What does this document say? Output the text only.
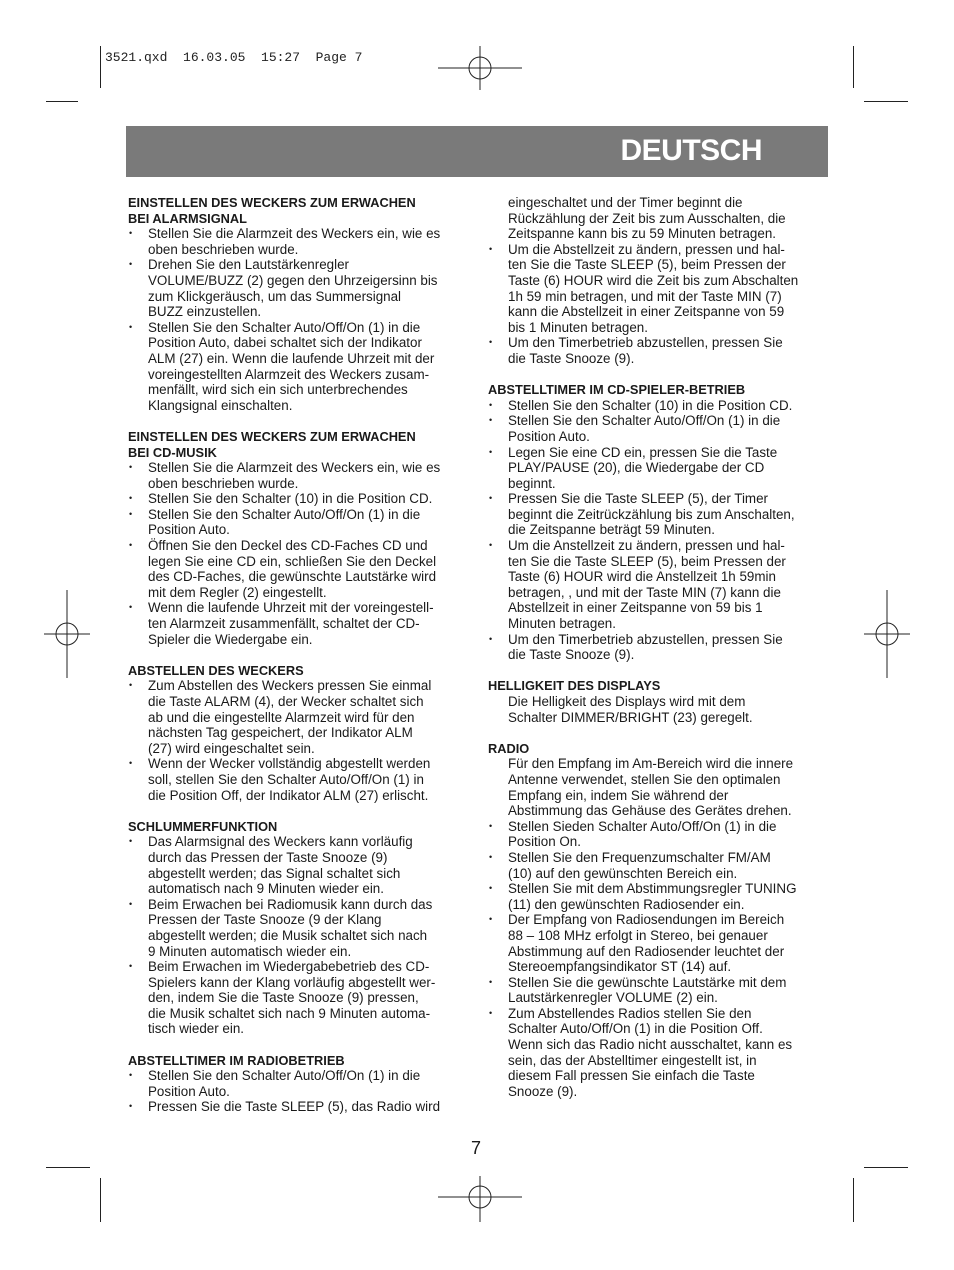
3521.qxd  16.03.05  15:27  Page 7
DEUTSCH
EINSTELLEN DES WECKERS ZUM ERWACHEN
BEI ALARMSIGNAL
• Stellen Sie die Alarmzeit des Weckers ein, wie es
oben beschrieben wurde.
• Drehen Sie den Lautstärkenregler
VOLUME/BUZZ (2) gegen den Uhrzeigersinn bis
zum Klickgeräusch, um das Summersignal
BUZZ einzustellen.
• Stellen Sie den Schalter Auto/Off/On (1) in die
Position Auto, dabei schaltet sich der Indikator
ALM (27) ein. Wenn die laufende Uhrzeit mit der
voreingestellten Alarmzeit des Weckers zusam-
menfällt, wird sich ein sich unterbrechendes
Klangsignal einschalten.
EINSTELLEN DES WECKERS ZUM ERWACHEN
BEI CD-MUSIK
• Stellen Sie die Alarmzeit des Weckers ein, wie es
oben beschrieben wurde.
• Stellen Sie den Schalter (10) in die Position CD.
• Stellen Sie den Schalter Auto/Off/On (1) in die
Position Auto.
• Öffnen Sie den Deckel des CD-Faches CD und
legen Sie eine CD ein, schließen Sie den Deckel
des CD-Faches, die gewünschte Lautstärke wird
mit dem Regler (2) eingestellt.
• Wenn die laufende Uhrzeit mit der voreingestell-
ten Alarmzeit zusammenfällt, schaltet der CD-
Spieler die Wiedergabe ein.
ABSTELLEN DES WECKERS
• Zum Abstellen des Weckers pressen Sie einmal
die Taste ALARM (4), der Wecker schaltet sich
ab und die eingestellte Alarmzeit wird für den
nächsten Tag gespeichert, der Indikator ALM
(27) wird eingeschaltet sein.
• Wenn der Wecker vollständig abgestellt werden
soll, stellen Sie den Schalter Auto/Off/On (1) in
die Position Off, der Indikator ALM (27) erlischt.
SCHLUMMERFUNKTION
• Das Alarmsignal des Weckers kann vorläufig
durch das Pressen der Taste Snooze (9)
abgestellt werden; das Signal schaltet sich
automatisch nach 9 Minuten wieder ein.
• Beim Erwachen bei Radiomusik kann durch das
Pressen der Taste Snooze (9 der Klang
abgestellt werden; die Musik schaltet sich nach
9 Minuten automatisch wieder ein.
• Beim Erwachen im Wiedergabebetrieb des CD-
Spielers kann der Klang vorläufig abgestellt wer-
den, indem Sie die Taste Snooze (9) pressen,
die Musik schaltet sich nach 9 Minuten automa-
tisch wieder ein.
ABSTELLTIMER IM RADIOBETRIEB
• Stellen Sie den Schalter Auto/Off/On (1) in die
Position Auto.
• Pressen Sie die Taste SLEEP (5), das Radio wird
eingeschaltet und der Timer beginnt die
Rückzählung der Zeit bis zum Ausschalten, die
Zeitspanne kann bis zu 59 Minuten betragen.
• Um die Abstellzeit zu ändern, pressen und hal-
ten Sie die Taste SLEEP (5), beim Pressen der
Taste (6) HOUR wird die Zeit bis zum Abschalten
1h 59 min betragen, und mit der Taste MIN (7)
kann die Abstellzeit in einer Zeitspanne von 59
bis 1 Minuten betragen.
• Um den Timerbetrieb abzustellen, pressen Sie
die Taste Snooze (9).
ABSTELLTIMER IM CD-SPIELER-BETRIEB
• Stellen Sie den Schalter (10) in die Position CD.
• Stellen Sie den Schalter Auto/Off/On (1) in die
Position Auto.
• Legen Sie eine CD ein, pressen Sie die Taste
PLAY/PAUSE (20), die Wiedergabe der CD
beginnt.
• Pressen Sie die Taste SLEEP (5), der Timer
beginnt die Zeitrückzählung bis zum Anschalten,
die Zeitspanne beträgt 59 Minuten.
• Um die Anstellzeit zu ändern, pressen und hal-
ten Sie die Taste SLEEP (5), beim Pressen der
Taste (6) HOUR wird die Anstellzeit 1h 59min
betragen, , und mit der Taste MIN (7) kann die
Abstellzeit in einer Zeitspanne von 59 bis 1
Minuten betragen.
• Um den Timerbetrieb abzustellen, pressen Sie
die Taste Snooze (9).
HELLIGKEIT DES DISPLAYS
Die Helligkeit des Displays wird mit dem
Schalter DIMMER/BRIGHT (23) geregelt.
RADIO
Für den Empfang im Am-Bereich wird die innere
Antenne verwendet, stellen Sie den optimalen
Empfang ein, indem Sie während der
Abstimmung das Gehäuse des Gerätes drehen.
• Stellen Sieden Schalter Auto/Off/On (1) in die
Position On.
• Stellen Sie den Frequenzumschalter FM/AM
(10) auf den gewünschten Bereich ein.
• Stellen Sie mit dem Abstimmungsregler TUNING
(11) den gewünschten Radiosender ein.
• Der Empfang von Radiosendungen im Bereich
88 – 108 MHz erfolgt in Stereo, bei genauer
Abstimmung auf den Radiosender leuchtet der
Stereoempfangsindikator ST (14) auf.
• Stellen Sie die gewünschte Lautstärke mit dem
Lautstärkenregler VOLUME (2) ein.
• Zum Abstellendes Radios stellen Sie den
Schalter Auto/Off/On (1) in die Position Off.
Wenn sich das Radio nicht ausschaltet, kann es
sein, das der Abstelltimer eingestellt ist, in
diesem Fall pressen Sie einfach die Taste
Snooze (9).
7
